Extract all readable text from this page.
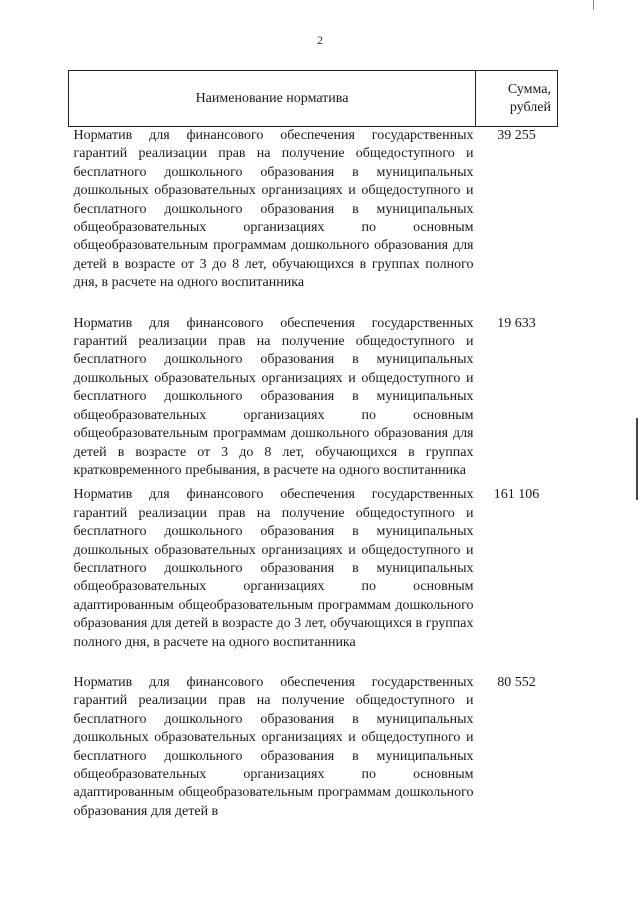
2
Наименование норматива	Сумма, рублей
Норматив для финансового обеспечения государственных гарантий реализации прав на получение общедоступного и бесплатного дошкольного образования в муниципальных дошкольных образовательных организациях и общедоступного и бесплатного дошкольного образования в муниципальных общеобразовательных организациях по основным общеобразовательным программам дошкольного образования для детей в возрасте от 3 до 8 лет, обучающихся в группах полного дня, в расчете на одного воспитанника	39 255
Норматив для финансового обеспечения государственных гарантий реализации прав на получение общедоступного и бесплатного дошкольного образования в муниципальных дошкольных образовательных организациях и общедоступного и бесплатного дошкольного образования в муниципальных общеобразовательных организациях по основным общеобразовательным программам дошкольного образования для детей в возрасте от 3 до 8 лет, обучающихся в группах кратковременного пребывания, в расчете на одного воспитанника	19 633
Норматив для финансового обеспечения государственных гарантий реализации прав на получение общедоступного и бесплатного дошкольного образования в муниципальных дошкольных образовательных организациях и общедоступного и бесплатного дошкольного образования в муниципальных общеобразовательных организациях по основным адаптированным общеобразовательным программам дошкольного образования для детей в возрасте до 3 лет, обучающихся в группах полного дня, в расчете на одного воспитанника	161 106
Норматив для финансового обеспечения государственных гарантий реализации прав на получение общедоступного и бесплатного дошкольного образования в муниципальных дошкольных образовательных организациях и общедоступного и бесплатного дошкольного образования в муниципальных общеобразовательных организациях по основным адаптированным общеобразовательным программам дошкольного образования для детей в	80 552
